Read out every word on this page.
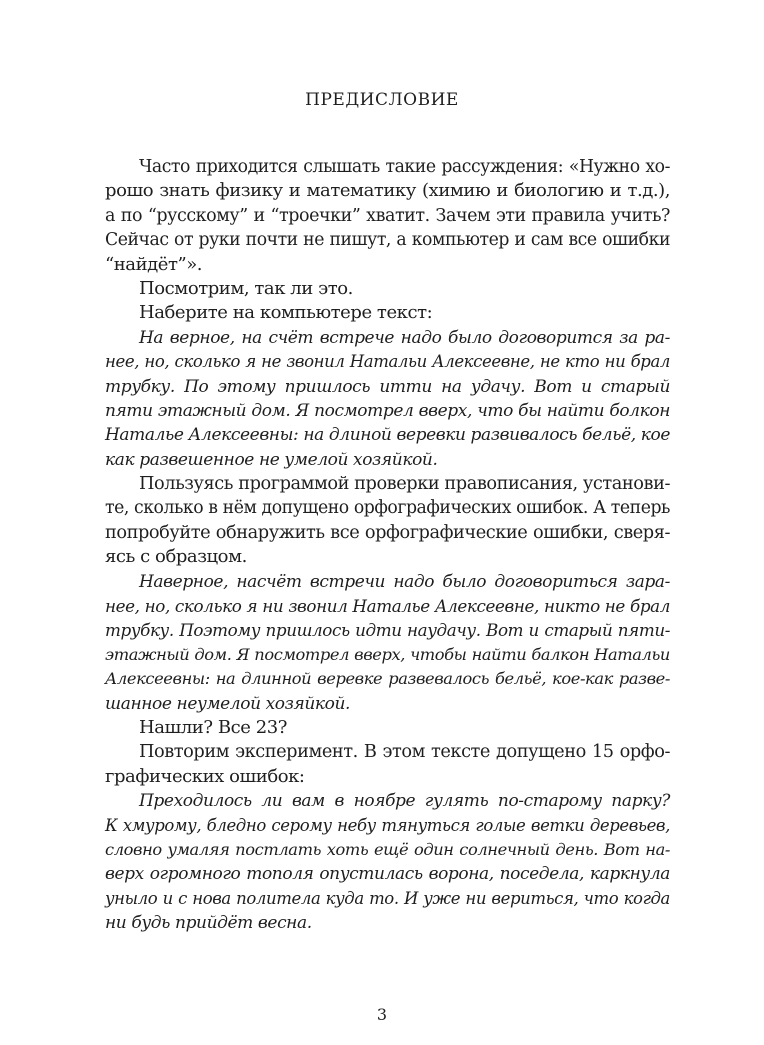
ПРЕДИСЛОВИЕ
Часто приходится слышать такие рассуждения: «Нужно хо-
рошо знать физику и математику (химию и биологию и т.д.),
а по “русскому” и “троечки” хватит. Зачем эти правила учить?
Сейчас от руки почти не пишут, а компьютер и сам все ошибки
“найдёт”».
Посмотрим, так ли это.
Наберите на компьютере текст:
На верное, на счёт встрече надо было договорится за ра-
нее, но, сколько я не звонил Натальи Алексеевне, не кто ни брал
трубку. По этому пришлось итти на удачу. Вот и старый
пяти этажный дом. Я посмотрел вверх, что бы найти болкон
Наталье Алексеевны: на длиной веревки развивалось бельё, кое
как развешенное не умелой хозяйкой.
Пользуясь программой проверки правописания, установи-
те, сколько в нём допущено орфографических ошибок. А теперь
попробуйте обнаружить все орфографические ошибки, сверя-
ясь с образцом.
Наверное, насчёт встречи надо было договориться зара-
нее, но, сколько я ни звонил Наталье Алексеевне, никто не брал
трубку. Поэтому пришлось идти наудачу. Вот и старый пяти-
этажный дом. Я посмотрел вверх, чтобы найти балкон Натальи
Алексеевны: на длинной веревке развевалось бельё, кое-как разве-
шанное неумелой хозяйкой.
Нашли? Все 23?
Повторим эксперимент. В этом тексте допущено 15 орфо-
графических ошибок:
Преходилось ли вам в ноябре гулять по-старому парку?
К хмурому, бледно серому небу тянуться голые ветки деревьев,
словно умаляя постлать хоть ещё один солнечный день. Вот на-
верх огромного тополя опустилась ворона, поседела, каркнула
уныло и с нова политела куда то. И уже ни вериться, что когда
ни будь прийдёт весна.
3
